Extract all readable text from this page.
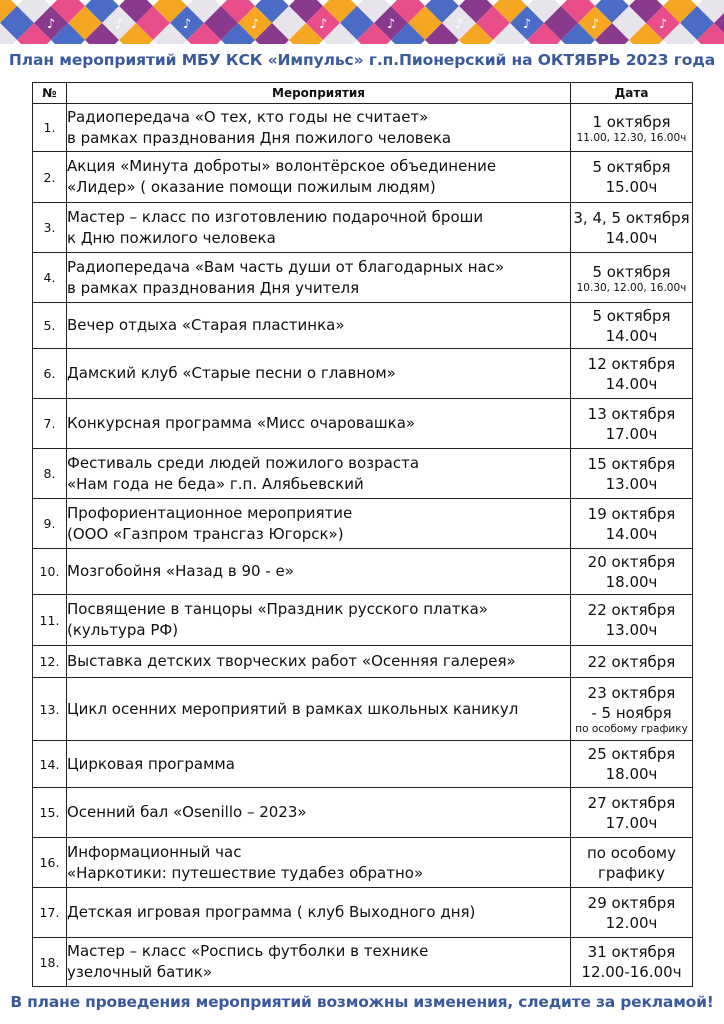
♪	♪	♪	♪	♪	♪	♪	♪	♪	♪
План мероприятий МБУ КСК «Импульс» г.п.Пионерский на ОКТЯБРЬ 2023 года
№	Мероприятия	Дата
1.	Радиопередача «О тех, кто годы не считает»
в рамках празднования Дня пожилого человека	1 октября
11.00, 12.30, 16.00ч

2.	Акция «Минута доброты» волонтёрское объединение
«Лидер» ( оказание помощи пожилым людям)	5 октября
15.00ч

3.	Мастер – класс по изготовлению подарочной броши
к Дню пожилого человека	3, 4, 5 октября
14.00ч

4.	Радиопередача «Вам часть души от благодарных нас»
в рамках празднования Дня учителя	5 октября
10.30, 12.00, 16.00ч

5.	Вечер отдыха «Старая пластинка»	5 октября
14.00ч

6.	Дамский клуб «Старые песни о главном»	12 октября
14.00ч

7.	Конкурсная программа «Мисс очаровашка»	13 октября
17.00ч

8.	Фестиваль среди людей пожилого возраста
«Нам года не беда» г.п. Алябьевский	15 октября
13.00ч

9.	Профориентационное мероприятие
(ООО «Газпром трансгаз Югорск»)	19 октября
14.00ч

10.	Мозгобойня «Назад в 90 - е»	20 октября
18.00ч

11.	Посвящение в танцоры «Праздник русского платка»
(культура РФ)	22 октября
13.00ч

12.	Выставка детских творческих работ «Осенняя галерея»	22 октября

13.	Цикл осенних мероприятий в рамках школьных каникул	23 октября
- 5 ноября
по особому графику

14.	Цирковая программа	25 октября
18.00ч

15.	Осенний бал «Osenillo – 2023»	27 октября
17.00ч

16.	Информационный час
«Наркотики: путешествие тудабез обратно»	по особому
графику

17.	Детская игровая программа ( клуб Выходного дня)	29 октября
12.00ч

18.	Мастер – класс «Роспись футболки в технике
узелочный батик»	31 октября
12.00-16.00ч
В плане проведения мероприятий возможны изменения, следите за рекламой!
